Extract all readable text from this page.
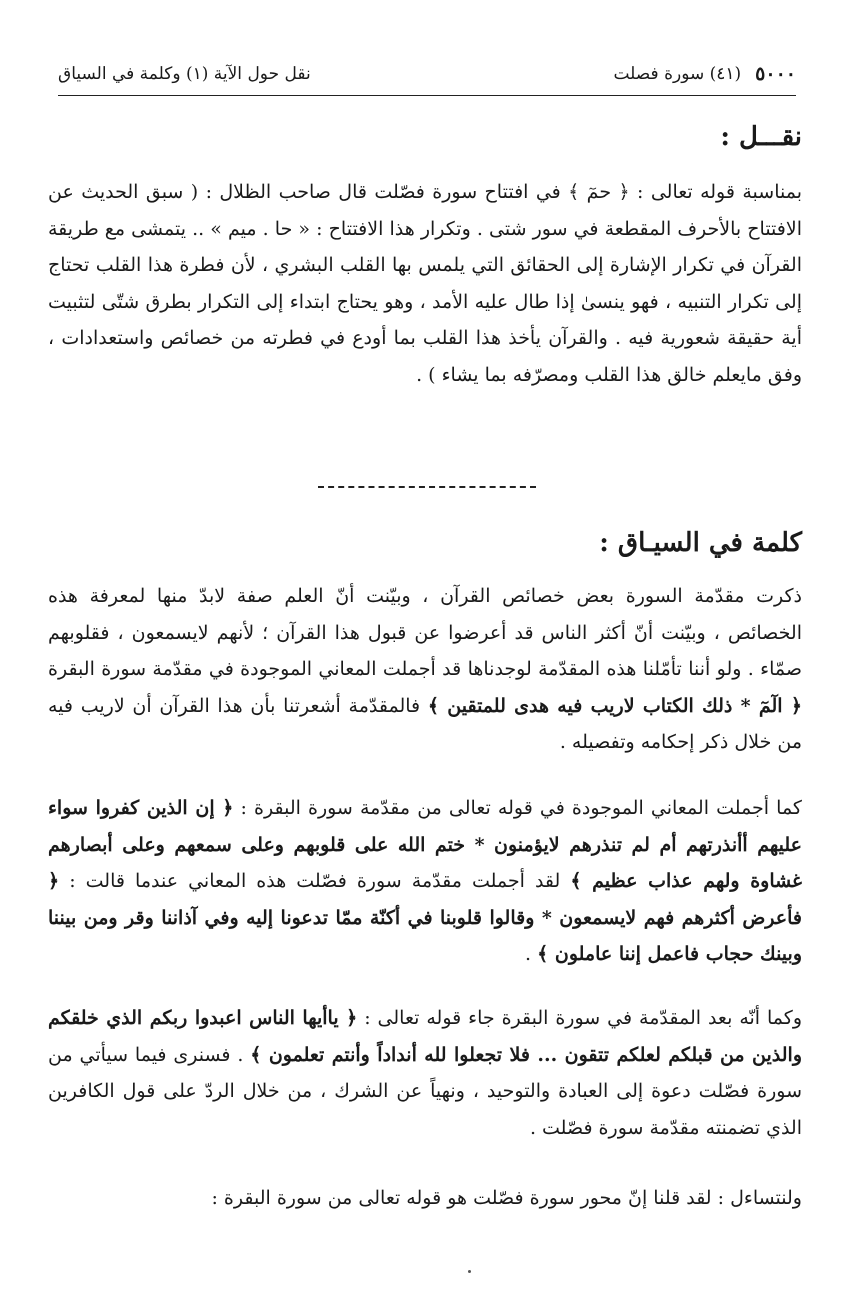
٥٠٠٠
(٤١) سورة فصلت
نقل حول الآية (١) وكلمة في السياق
نقـــل :
بمناسبة قوله تعالى : ﴿ حمٓ ﴾ في افتتاح سورة فصّلت قال صاحب الظلال : ( سبق الحديث عن الافتتاح بالأحرف المقطعة في سور شتى . وتكرار هذا الافتتاح : « حا . ميم » .. يتمشى مع طريقة القرآن في تكرار الإشارة إلى الحقائق التي يلمس بها القلب البشري ، لأن فطرة هذا القلب تحتاج إلى تكرار التنبيه ، فهو ينسىٰ إذا طال عليه الأمد ، وهو يحتاج ابتداء إلى التكرار بطرق شتّى لتثبيت أية حقيقة شعورية فيه . والقرآن يأخذ هذا القلب بما أودع في فطرته من خصائص واستعدادات ، وفق مايعلم خالق هذا القلب ومصرّفه بما يشاء ) .
كلمة في السيـاق :
ذكرت مقدّمة السورة بعض خصائص القرآن ، وبيّنت أنّ العلم صفة لابدّ منها لمعرفة هذه الخصائص ، وبيّنت أنّ أكثر الناس قد أعرضوا عن قبول هذا القرآن ؛ لأنهم لايسمعون ، فقلوبهم صمّاء . ولو أننا تأمّلنا هذه المقدّمة لوجدناها قد أجملت المعاني الموجودة في مقدّمة سورة البقرة ﴿ الٓمٓ * ذلك الكتاب لاريب فيه هدى للمتقين ﴾ فالمقدّمة أشعرتنا بأن هذا القرآن أن لاريب فيه من خلال ذكر إحكامه وتفصيله .
كما أجملت المعاني الموجودة في قوله تعالى من مقدّمة سورة البقرة : ﴿ إن الذين كفروا سواء عليهم أأنذرتهم أم لم تنذرهم لايؤمنون * ختم الله على قلوبهم وعلى سمعهم وعلى أبصارهم غشاوة ولهم عذاب عظيم ﴾ لقد أجملت مقدّمة سورة فصّلت هذه المعاني عندما قالت : ﴿ فأعرض أكثرهم فهم لايسمعون * وقالوا قلوبنا في أكنّة ممّا تدعونا إليه وفي آذاننا وقر ومن بيننا وبينك حجاب فاعمل إننا عاملون ﴾ .
وكما أنّه بعد المقدّمة في سورة البقرة جاء قوله تعالى : ﴿ ياأيها الناس اعبدوا ربكم الذي خلقكم والذين من قبلكم لعلكم تتقون ... فلا تجعلوا لله أنداداً وأنتم تعلمون ﴾ . فسنرى فيما سيأتي من سورة فصّلت دعوة إلى العبادة والتوحيد ، ونهياً عن الشرك ، من خلال الردّ على قول الكافرين الذي تضمنته مقدّمة سورة فصّلت .
ولنتساءل : لقد قلنا إنّ محور سورة فصّلت هو قوله تعالى من سورة البقرة :
